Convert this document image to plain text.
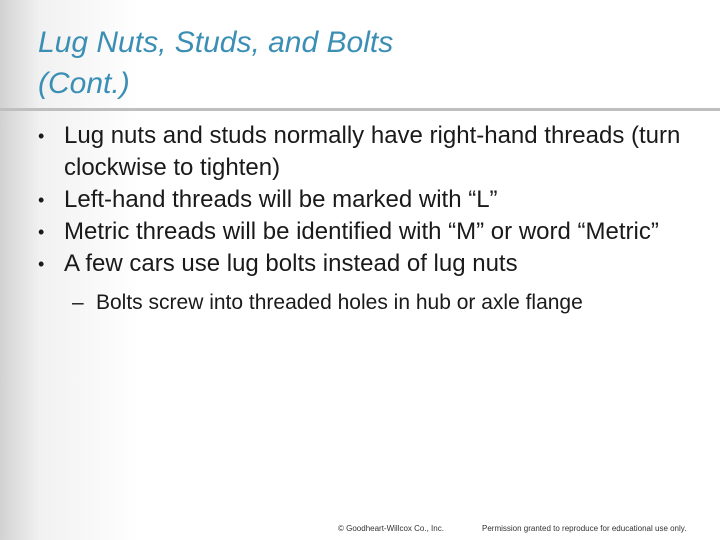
Lug Nuts, Studs, and Bolts
(Cont.)
• Lug nuts and studs normally have right-hand threads (turn clockwise to tighten)
• Left-hand threads will be marked with “L”
• Metric threads will be identified with “M” or word “Metric”
• A few cars use lug bolts instead of lug nuts
– Bolts screw into threaded holes in hub or axle flange
© Goodheart-Willcox Co., Inc.	Permission granted to reproduce for educational use only.
